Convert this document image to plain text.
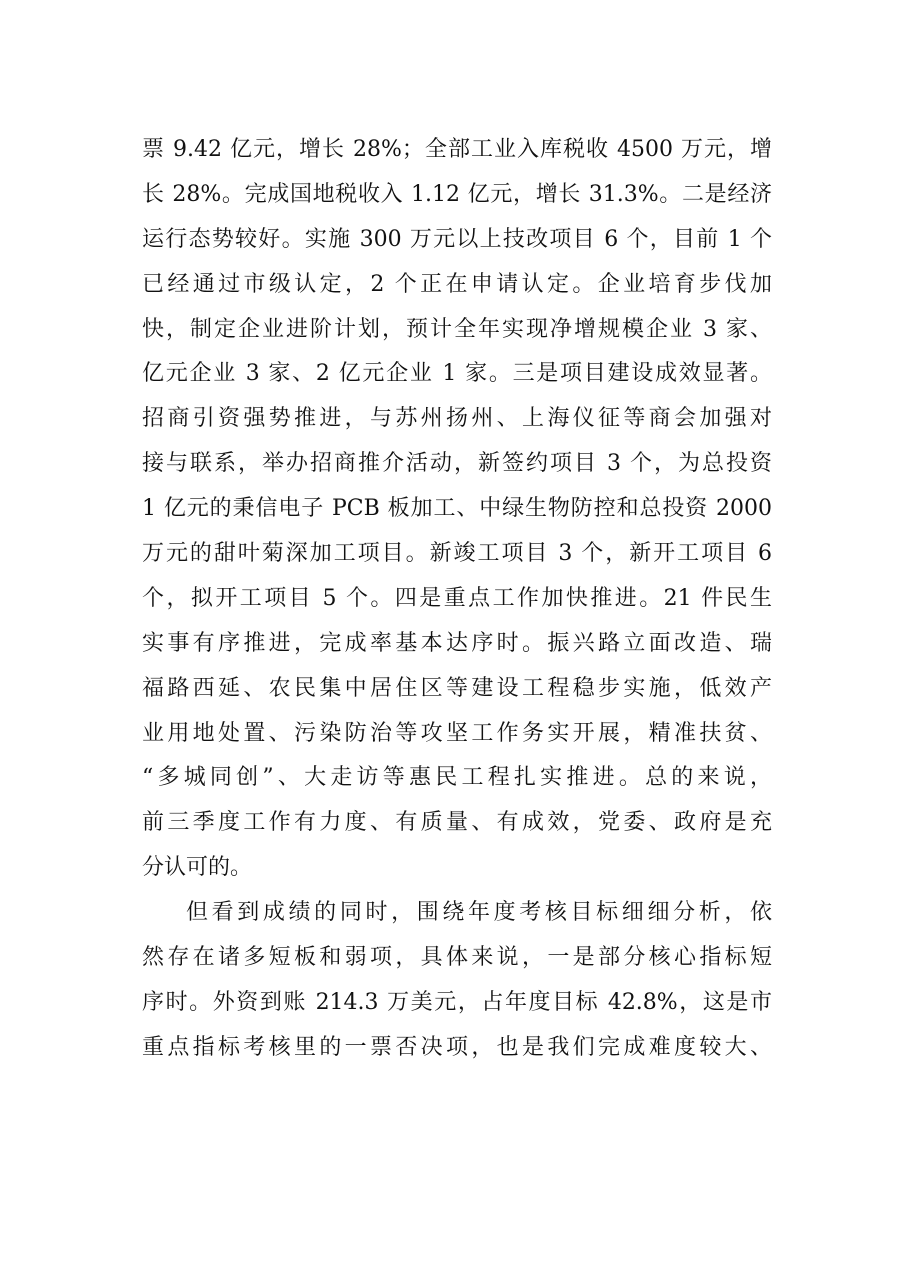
票 9.42 亿元，增长 28%；全部工业入库税收 4500 万元，增
长 28%。完成国地税收入 1.12 亿元，增长 31.3%。二是经济
运行态势较好。实施 300 万元以上技改项目 6 个，目前 1 个
已经通过市级认定，2 个正在申请认定。企业培育步伐加
快，制定企业进阶计划，预计全年实现净增规模企业 3 家、
亿元企业 3 家、2 亿元企业 1 家。三是项目建设成效显著。
招商引资强势推进，与苏州扬州、上海仪征等商会加强对
接与联系，举办招商推介活动，新签约项目 3 个，为总投资
1 亿元的秉信电子 PCB 板加工、中绿生物防控和总投资 2000
万元的甜叶菊深加工项目。新竣工项目 3 个，新开工项目 6
个，拟开工项目 5 个。四是重点工作加快推进。21 件民生
实事有序推进，完成率基本达序时。振兴路立面改造、瑞
福路西延、农民集中居住区等建设工程稳步实施，低效产
业用地处置、污染防治等攻坚工作务实开展，精准扶贫、
“多城同创”、大走访等惠民工程扎实推进。总的来说，
前三季度工作有力度、有质量、有成效，党委、政府是充
分认可的。
但看到成绩的同时，围绕年度考核目标细细分析，依
然存在诸多短板和弱项，具体来说，一是部分核心指标短
序时。外资到账 214.3 万美元，占年度目标 42.8%，这是市
重点指标考核里的一票否决项，也是我们完成难度较大、
